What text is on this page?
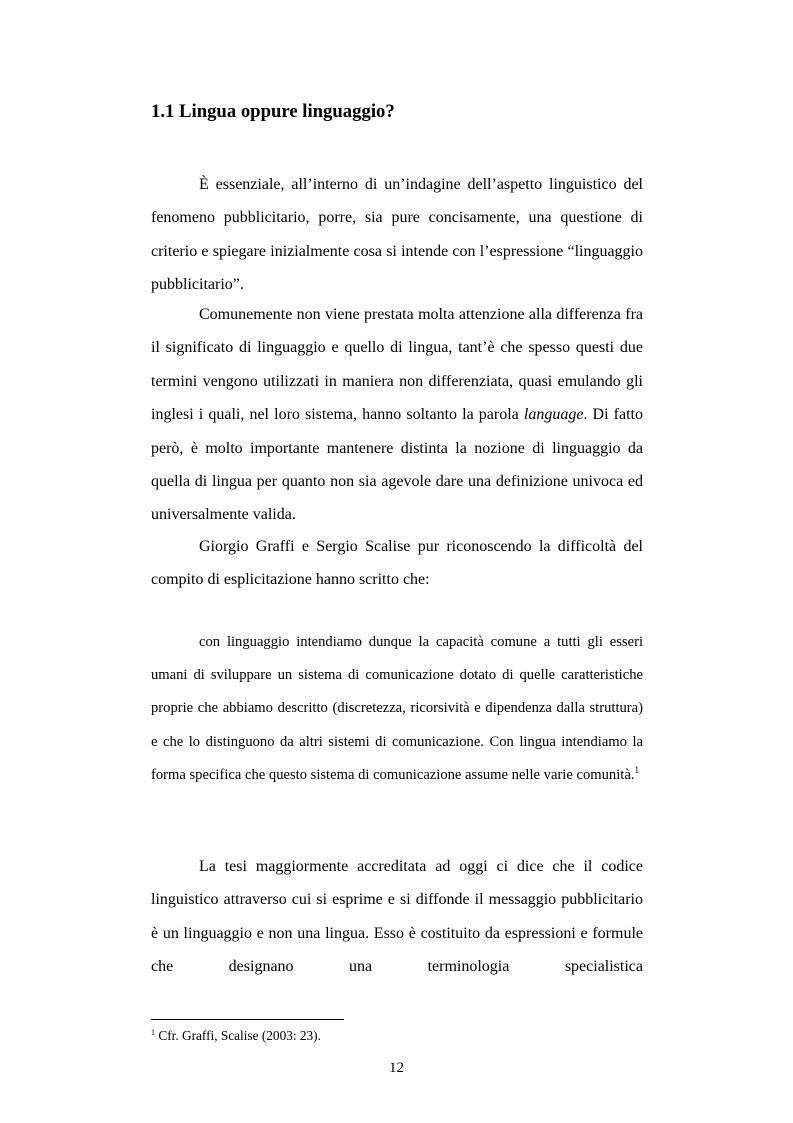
1.1 Lingua oppure linguaggio?

È essenziale, all’interno di un’indagine dell’aspetto linguistico del fenomeno pubblicitario, porre, sia pure concisamente, una questione di criterio e spiegare inizialmente cosa si intende con l’espressione “linguaggio pubblicitario”.

Comunemente non viene prestata molta attenzione alla differenza fra il significato di linguaggio e quello di lingua, tant’è che spesso questi due termini vengono utilizzati in maniera non differenziata, quasi emulando gli inglesi i quali, nel loro sistema, hanno soltanto la parola language. Di fatto però, è molto importante mantenere distinta la nozione di linguaggio da quella di lingua per quanto non sia agevole dare una definizione univoca ed universalmente valida.

Giorgio Graffi e Sergio Scalise pur riconoscendo la difficoltà del compito di esplicitazione hanno scritto che:

con linguaggio intendiamo dunque la capacità comune a tutti gli esseri umani di sviluppare un sistema di comunicazione dotato di quelle caratteristiche proprie che abbiamo descritto (discretezza, ricorsività e dipendenza dalla struttura) e che lo distinguono da altri sistemi di comunicazione. Con lingua intendiamo la forma specifica che questo sistema di comunicazione assume nelle varie comunità.$^1$

La tesi maggiormente accreditata ad oggi ci dice che il codice linguistico attraverso cui si esprime e si diffonde il messaggio pubblicitario è un linguaggio e non una lingua. Esso è costituito da espressioni e formule che designano una terminologia specialistica

$^1$ Cfr. Graffi, Scalise (2003: 23).

12
